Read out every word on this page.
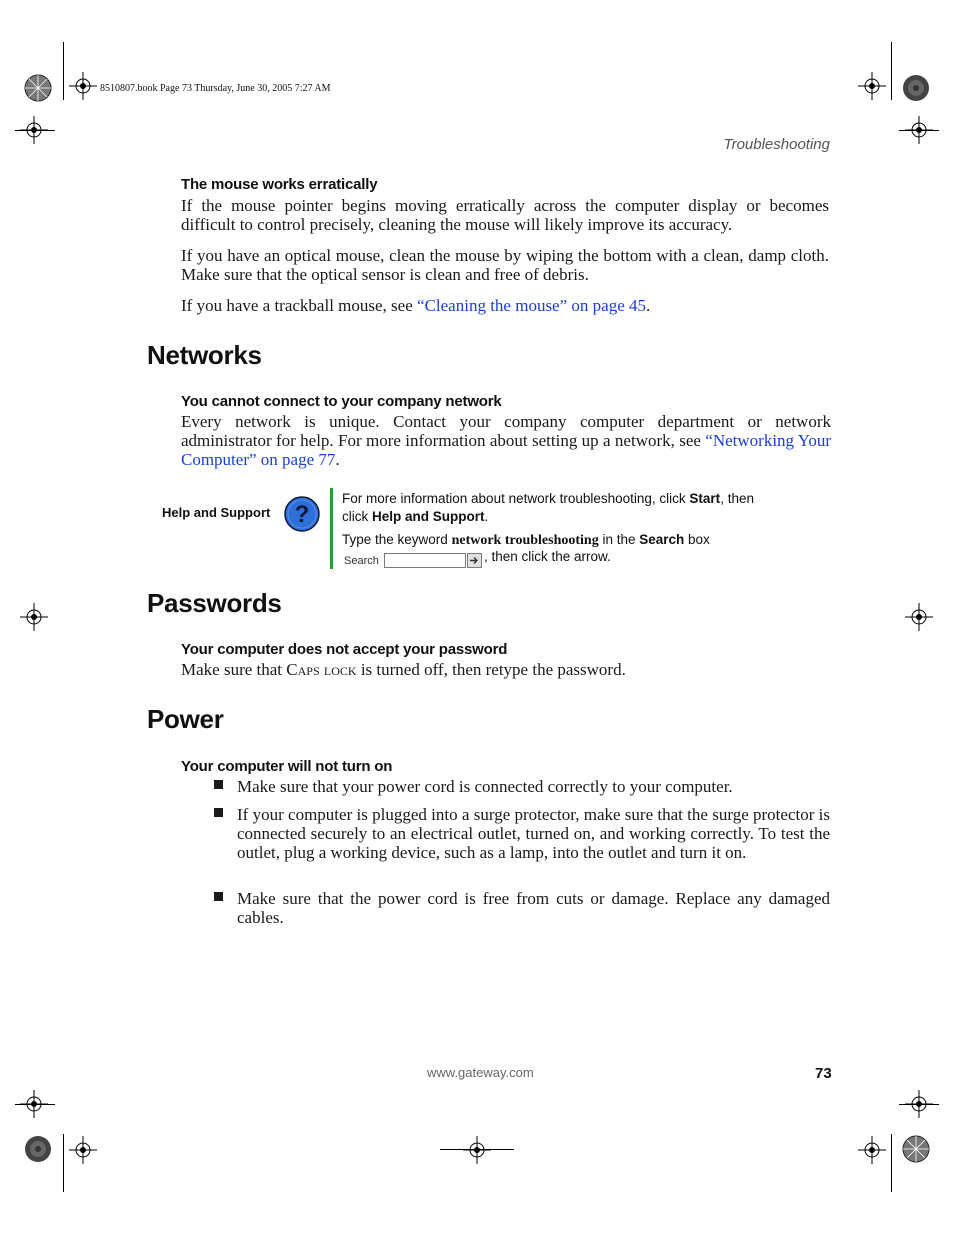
8510807.book Page 73 Thursday, June 30, 2005 7:27 AM
Troubleshooting
The mouse works erratically
If the mouse pointer begins moving erratically across the computer display or becomes difficult to control precisely, cleaning the mouse will likely improve its accuracy.
If you have an optical mouse, clean the mouse by wiping the bottom with a clean, damp cloth. Make sure that the optical sensor is clean and free of debris.
If you have a trackball mouse, see “Cleaning the mouse” on page 45.
Networks
You cannot connect to your company network
Every network is unique. Contact your company computer department or network administrator for help. For more information about setting up a network, see “Networking Your Computer” on page 77.
Help and Support ?
For more information about network troubleshooting, click Start, then
click Help and Support.
Type the keyword network troubleshooting in the Search box
Search	, then click the arrow.
Passwords
Your computer does not accept your password
Make sure that Caps lock is turned off, then retype the password.
Power
Your computer will not turn on
Make sure that your power cord is connected correctly to your computer.
If your computer is plugged into a surge protector, make sure that the surge protector is connected securely to an electrical outlet, turned on, and working correctly. To test the outlet, plug a working device, such as a lamp, into the outlet and turn it on.
Make sure that the power cord is free from cuts or damage. Replace any damaged cables.
www.gateway.com	73
